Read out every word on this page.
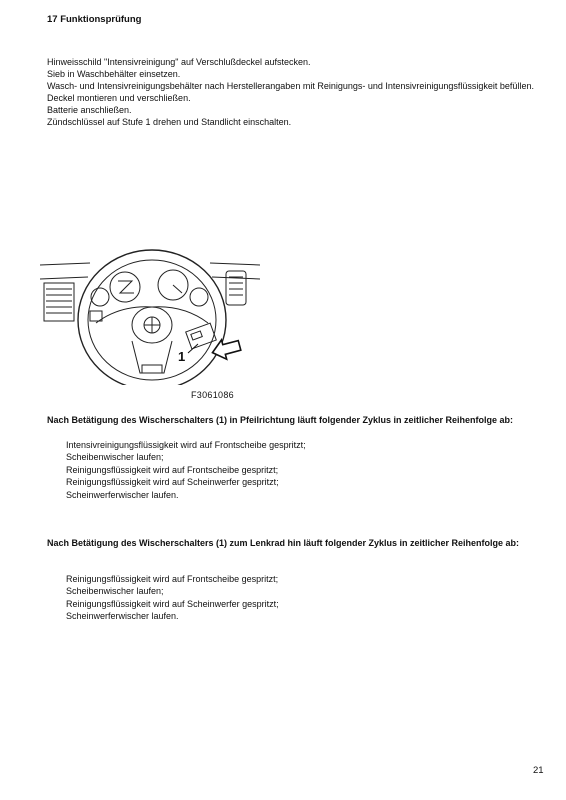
17 Funktionsprüfung

Hinweisschild "Intensivreinigung" auf Verschlußdeckel aufstecken.

Sieb in Waschbehälter einsetzen.

Wasch- und Intensivreinigungsbehälter nach Herstellerangaben mit Reinigungs- und Intensivreinigungsflüssigkeit befüllen.

Deckel montieren und verschließen.

Batterie anschließen.

Zündschlüssel auf Stufe 1 drehen und Standlicht einschalten.

1
F3061086
Nach Betätigung des Wischerschalters (1) in Pfeilrichtung läuft folgender Zyklus in zeitlicher Reihenfolge ab:

Intensivreinigungsflüssigkeit wird auf Frontscheibe gespritzt;

Scheibenwischer laufen;

Reinigungsflüssigkeit wird auf Frontscheibe gespritzt;

Reinigungsflüssigkeit wird auf Scheinwerfer gespritzt;

Scheinwerferwischer laufen.

Nach Betätigung des Wischerschalters (1) zum Lenkrad hin läuft folgender Zyklus in zeitlicher Reihenfolge ab:

Reinigungsflüssigkeit wird auf Frontscheibe gespritzt;

Scheibenwischer laufen;

Reinigungsflüssigkeit wird auf Scheinwerfer gespritzt;

Scheinwerferwischer laufen.

21
